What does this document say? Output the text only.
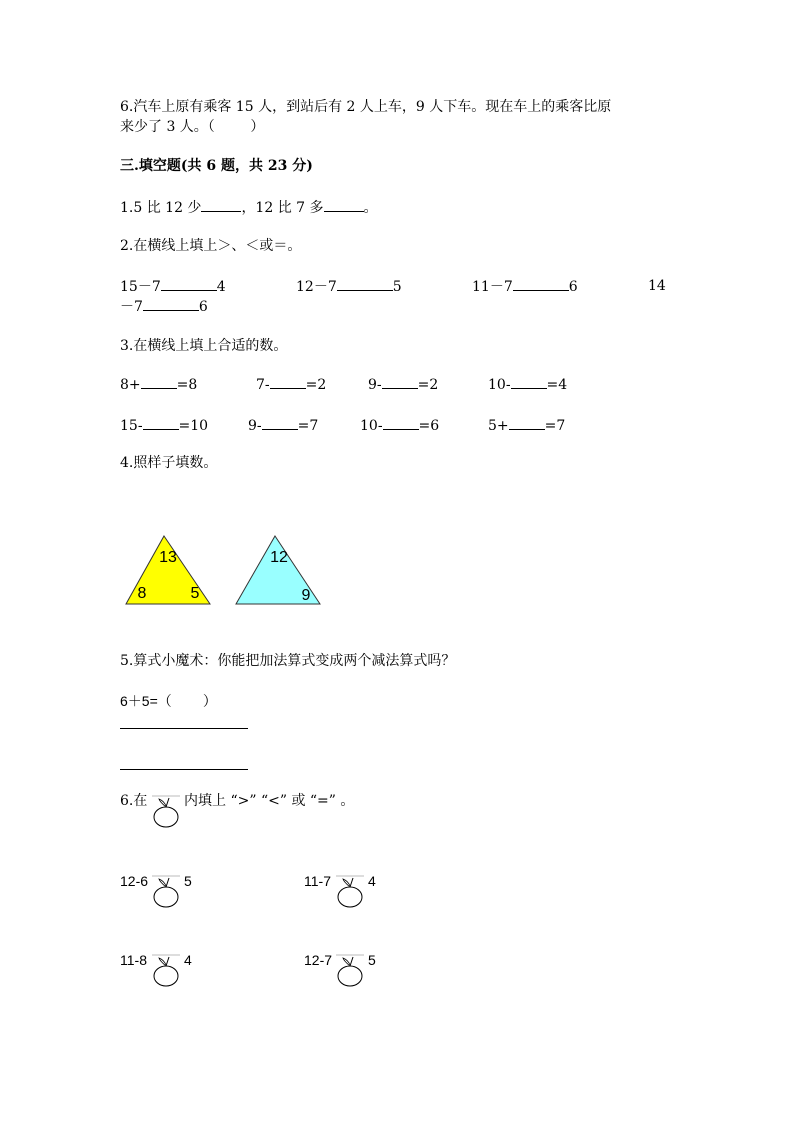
6.汽车上原有乘客 15 人，到站后有 2 人上车，9 人下车。现在车上的乘客比原
来少了 3 人。（        ）
三.填空题(共 6 题，共 23 分)
1.5 比 12 少	，12 比 7 多	。
2.在横线上填上＞、＜或＝。
15－7	4	12－7	5	11－7	6	14
－7	6
3.在横线上填上合适的数。
8+	=8	7-	=2	9-	=2	10-	=4
15-	=10	9-	=7	10-	=6	5+	=7
4.照样子填数。
13
8	5
12
9
5.算式小魔术：你能把加法算式变成两个减法算式吗？
6＋5=（        ）
6.在	内填上 “>” “<” 或 “=” 。
12-6	5	11-7	4
11-8	4	12-7	5
